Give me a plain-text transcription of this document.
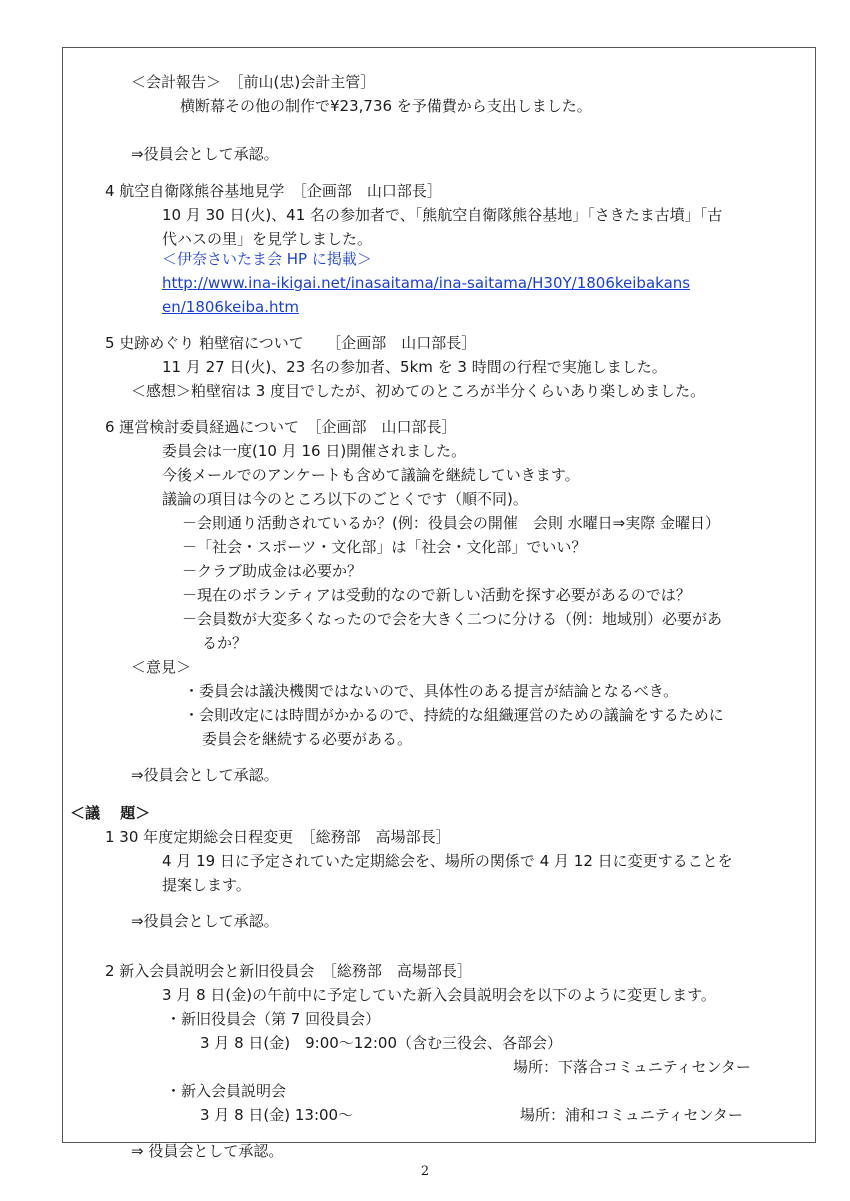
＜会計報告＞　［前山(忠)会計主管］
横断幕その他の制作で¥23,736 を予備費から支出しました。
⇒役員会として承認。
4 航空自衛隊熊谷基地見学　［企画部　山口部長］
10 月 30 日(火)、41 名の参加者で、「熊航空自衛隊熊谷基地」「さきたま古墳」「古
代ハスの里」を見学しました。
＜伊奈さいたま会 HP に掲載＞
http://www.ina-ikigai.net/inasaitama/ina-saitama/H30Y/1806keibakans
en/1806keiba.htm
5 史跡めぐり 粕壁宿について　　［企画部　山口部長］
11 月 27 日(火)、23 名の参加者、5km を 3 時間の行程で実施しました。
＜感想＞粕壁宿は 3 度目でしたが、初めてのところが半分くらいあり楽しめました。
6 運営検討委員経過について　［企画部　山口部長］
委員会は一度(10 月 16 日)開催されました。
今後メールでのアンケートも含めて議論を継続していきます。
議論の項目は今のところ以下のごとくです（順不同)。
－会則通り活動されているか？(例：役員会の開催　会則 水曜日⇒実際 金曜日）
－「社会・スポーツ・文化部」は「社会・文化部」でいい？
－クラブ助成金は必要か？
－現在のボランティアは受動的なので新しい活動を探す必要があるのでは？
－会員数が大変多くなったので会を大きく二つに分ける（例：地域別）必要があ
るか？
＜意見＞
・委員会は議決機関ではないので、具体性のある提言が結論となるべき。
・会則改定には時間がかかるので、持続的な組織運営のための議論をするために
委員会を継続する必要がある。
⇒役員会として承認。
＜議　 題＞
1 30 年度定期総会日程変更　［総務部　高場部長］
4 月 19 日に予定されていた定期総会を、場所の関係で 4 月 12 日に変更することを
提案します。
⇒役員会として承認。
2 新入会員説明会と新旧役員会　［総務部　高場部長］
3 月 8 日(金)の午前中に予定していた新入会員説明会を以下のように変更します。
・新旧役員会（第 7 回役員会）
3 月 8 日(金)　9:00～12:00（含む三役会、各部会）
場所：下落合コミュニティセンター
・新入会員説明会
3 月 8 日(金) 13:00～	場所：浦和コミュニティセンター
⇒ 役員会として承認。
2
